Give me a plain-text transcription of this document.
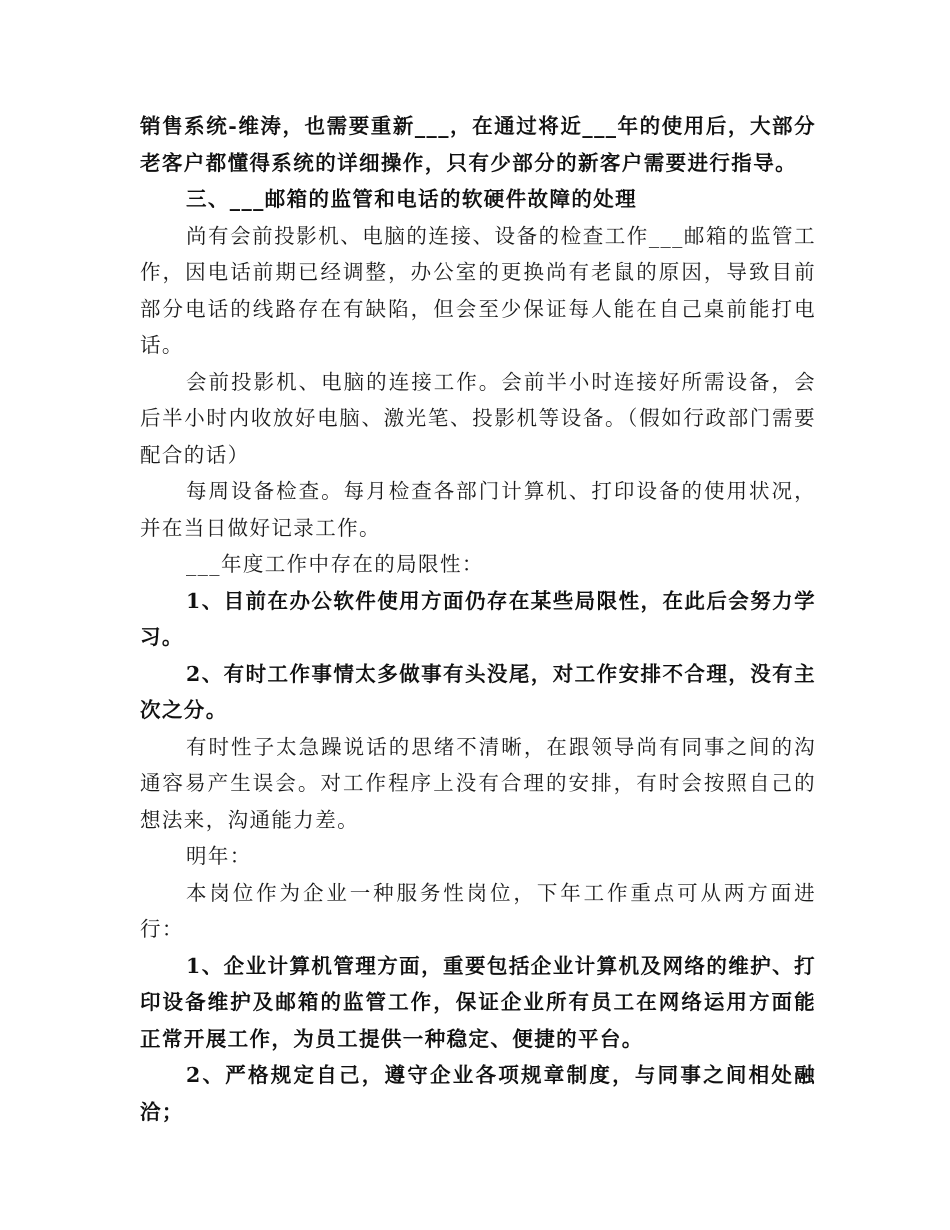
销售系统-维涛，也需要重新___，在通过将近___年的使用后，大部分老客户都懂得系统的详细操作，只有少部分的新客户需要进行指导。

三、___邮箱的监管和电话的软硬件故障的处理

尚有会前投影机、电脑的连接、设备的检查工作___邮箱的监管工作，因电话前期已经调整，办公室的更换尚有老鼠的原因，导致目前部分电话的线路存在有缺陷，但会至少保证每人能在自己桌前能打电话。

会前投影机、电脑的连接工作。会前半小时连接好所需设备，会后半小时内收放好电脑、激光笔、投影机等设备。（假如行政部门需要配合的话）

每周设备检查。每月检查各部门计算机、打印设备的使用状况，并在当日做好记录工作。

___年度工作中存在的局限性：

1、目前在办公软件使用方面仍存在某些局限性，在此后会努力学习。

2、有时工作事情太多做事有头没尾，对工作安排不合理，没有主次之分。

有时性子太急躁说话的思绪不清晰，在跟领导尚有同事之间的沟通容易产生误会。对工作程序上没有合理的安排，有时会按照自己的想法来，沟通能力差。

明年：

本岗位作为企业一种服务性岗位，下年工作重点可从两方面进行：

1、企业计算机管理方面，重要包括企业计算机及网络的维护、打印设备维护及邮箱的监管工作，保证企业所有员工在网络运用方面能正常开展工作，为员工提供一种稳定、便捷的平台。

2、严格规定自己，遵守企业各项规章制度，与同事之间相处融洽；
